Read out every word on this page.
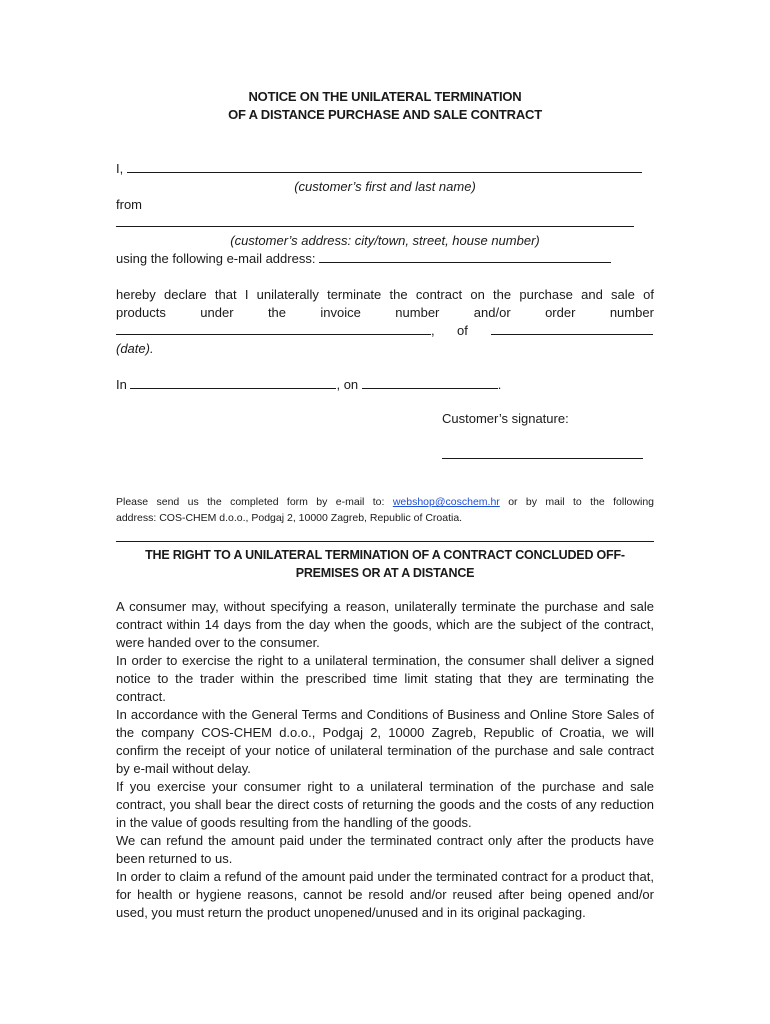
NOTICE ON THE UNILATERAL TERMINATION
OF A DISTANCE PURCHASE AND SALE CONTRACT
I,
(customer’s first and last name)
from
(customer’s address: city/town, street, house number)
using the following e-mail address:
hereby declare that I unilaterally terminate the contract on the purchase and sale of
products	under	the	invoice	number	and/or	order	number
, of
(date).
In	, on	.
Customer’s signature:
Please send us the completed form by e-mail to: webshop@coschem.hr or by mail to the following
address: COS-CHEM d.o.o., Podgaj 2, 10000 Zagreb, Republic of Croatia.
THE RIGHT TO A UNILATERAL TERMINATION OF A CONTRACT CONCLUDED OFF-
PREMISES OR AT A DISTANCE

A consumer may, without specifying a reason, unilaterally terminate the purchase and sale contract within 14 days from the day when the goods, which are the subject of the contract, were handed over to the consumer.

In order to exercise the right to a unilateral termination, the consumer shall deliver a signed notice to the trader within the prescribed time limit stating that they are terminating the contract.

In accordance with the General Terms and Conditions of Business and Online Store Sales of the company COS-CHEM d.o.o., Podgaj 2, 10000 Zagreb, Republic of Croatia, we will confirm the receipt of your notice of unilateral termination of the purchase and sale contract by e-mail without delay.

If you exercise your consumer right to a unilateral termination of the purchase and sale contract, you shall bear the direct costs of returning the goods and the costs of any reduction in the value of goods resulting from the handling of the goods.

We can refund the amount paid under the terminated contract only after the products have been returned to us.

In order to claim a refund of the amount paid under the terminated contract for a product that, for health or hygiene reasons, cannot be resold and/or reused after being opened and/or used, you must return the product unopened/unused and in its original packaging.
